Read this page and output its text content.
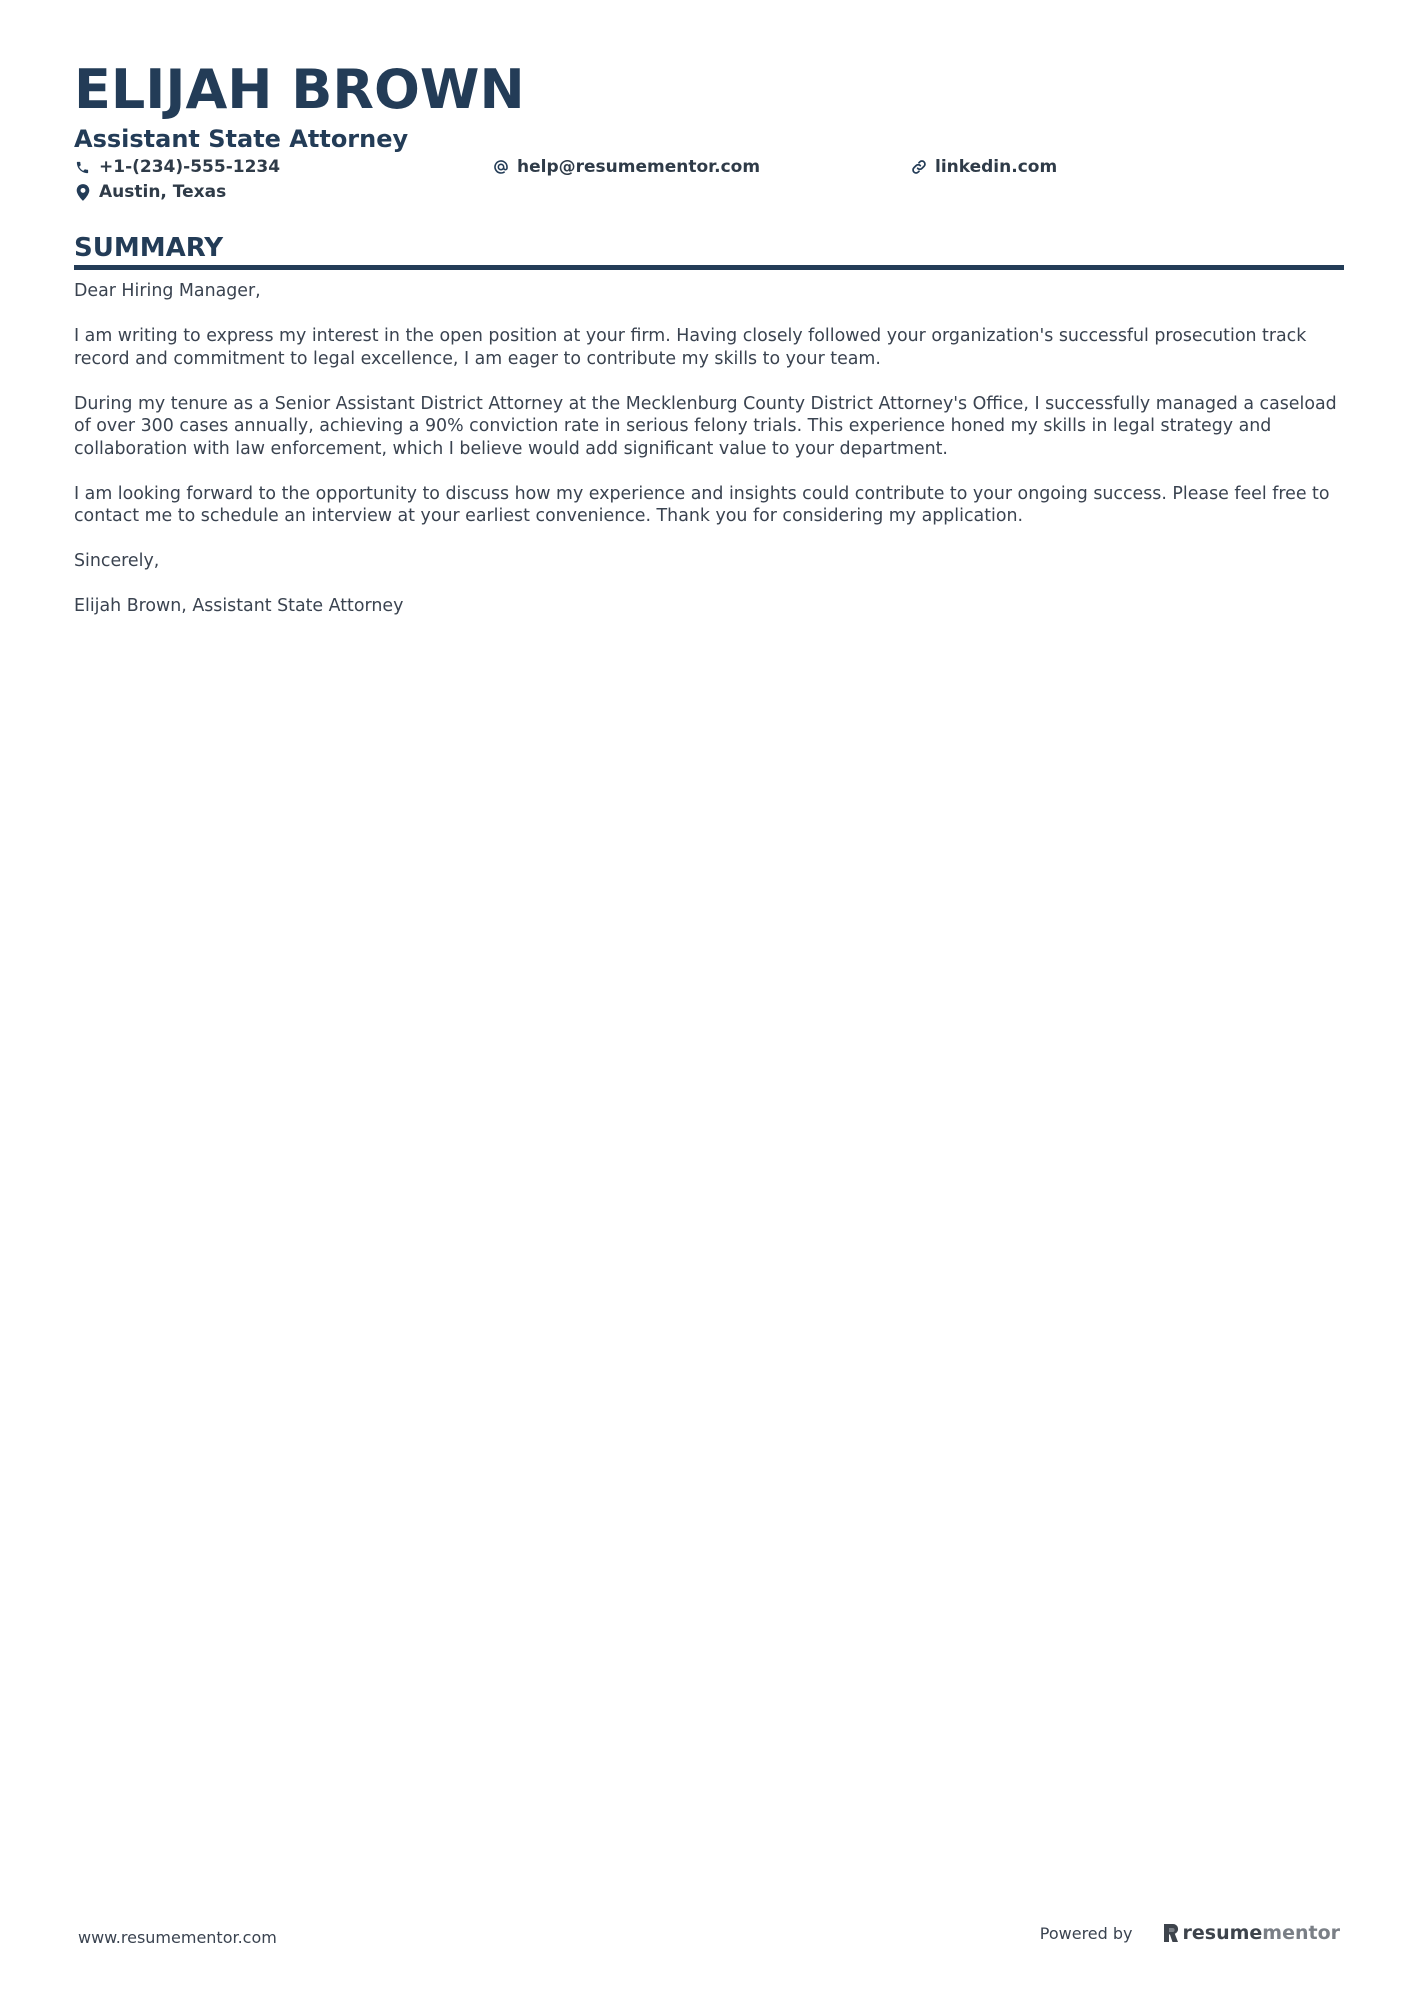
ELIJAH BROWN
Assistant State Attorney
+1-(234)-555-1234	help@resumementor.com	linkedin.com
Austin, Texas
SUMMARY

Dear Hiring Manager,

I am writing to express my interest in the open position at your firm. Having closely followed your organization's successful prosecution track record and commitment to legal excellence, I am eager to contribute my skills to your team.

During my tenure as a Senior Assistant District Attorney at the Mecklenburg County District Attorney's Office, I successfully managed a caseload of over 300 cases annually, achieving a 90% conviction rate in serious felony trials. This experience honed my skills in legal strategy and collaboration with law enforcement, which I believe would add significant value to your department.

I am looking forward to the opportunity to discuss how my experience and insights could contribute to your ongoing success. Please feel free to contact me to schedule an interview at your earliest convenience. Thank you for considering my application.

Sincerely,

Elijah Brown, Assistant State Attorney

www.resumementor.com	Powered by	resume mentor
